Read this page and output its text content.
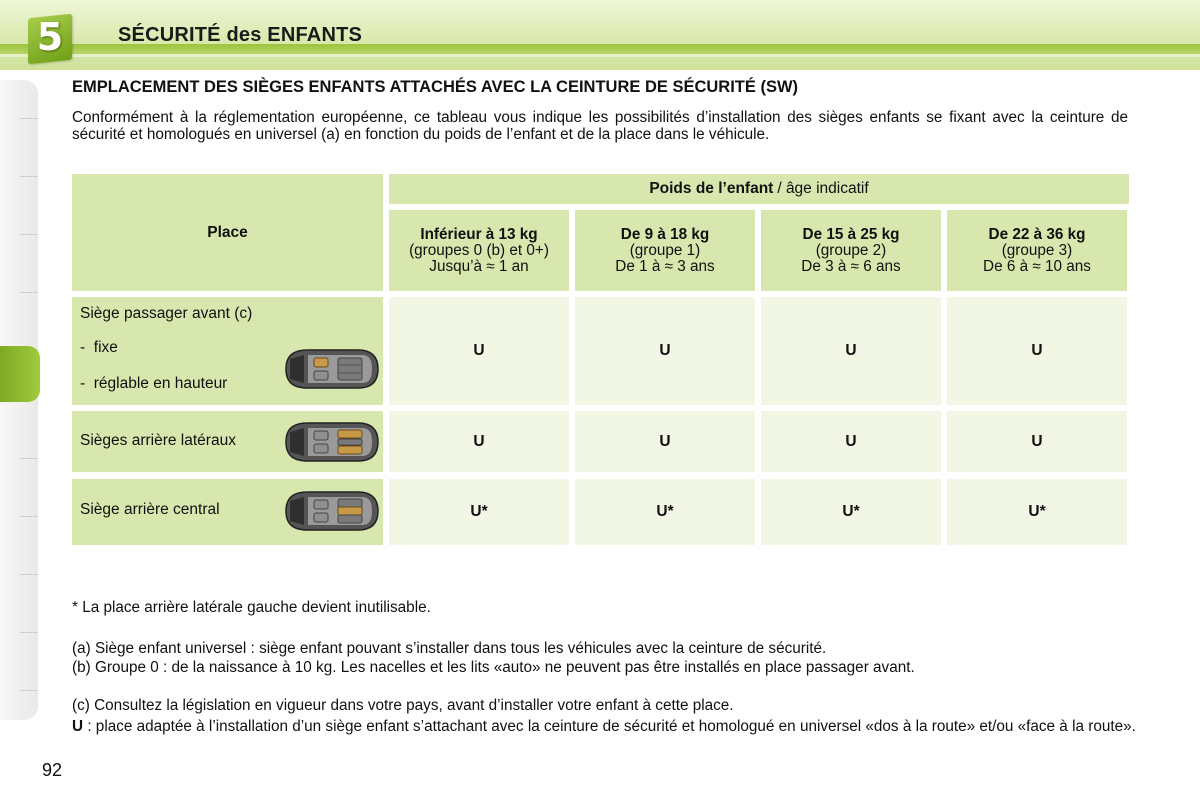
5	SÉCURITÉ des ENFANTS
EMPLACEMENT DES SIÈGES ENFANTS ATTACHÉS AVEC LA CEINTURE DE SÉCURITÉ (SW)
Conformément à la réglementation européenne, ce tableau vous indique les possibilités d’installation des sièges enfants se fixant avec la ceinture de sécurité et homologués en universel (a) en fonction du poids de l’enfant et de la place dans le véhicule.
Place
Poids de l’enfant / âge indicatif
Inférieur à 13 kg
(groupes 0 (b) et 0+)
Jusqu’à ≈ 1 an
De 9 à 18 kg
(groupe 1)
De 1 à ≈ 3 ans
De 15 à 25 kg
(groupe 2)
De 3 à ≈ 6 ans
De 22 à 36 kg
(groupe 3)
De 6 à ≈ 10 ans
Siège passager avant (c)
-  fixe
-  réglable en hauteur
U	U	U	U
Sièges arrière latéraux	U	U	U	U
Siège arrière central	U*	U*	U*	U*
* La place arrière latérale gauche devient inutilisable.
(a) Siège enfant universel : siège enfant pouvant s’installer dans tous les véhicules avec la ceinture de sécurité.
(b) Groupe 0 : de la naissance à 10 kg. Les nacelles et les lits «auto» ne peuvent pas être installés en place passager avant.
(c) Consultez la législation en vigueur dans votre pays, avant d’installer votre enfant à cette place.
U : place adaptée à l’installation d’un siège enfant s’attachant avec la ceinture de sécurité et homologué en universel «dos à la route» et/ou «face à la route».
92
